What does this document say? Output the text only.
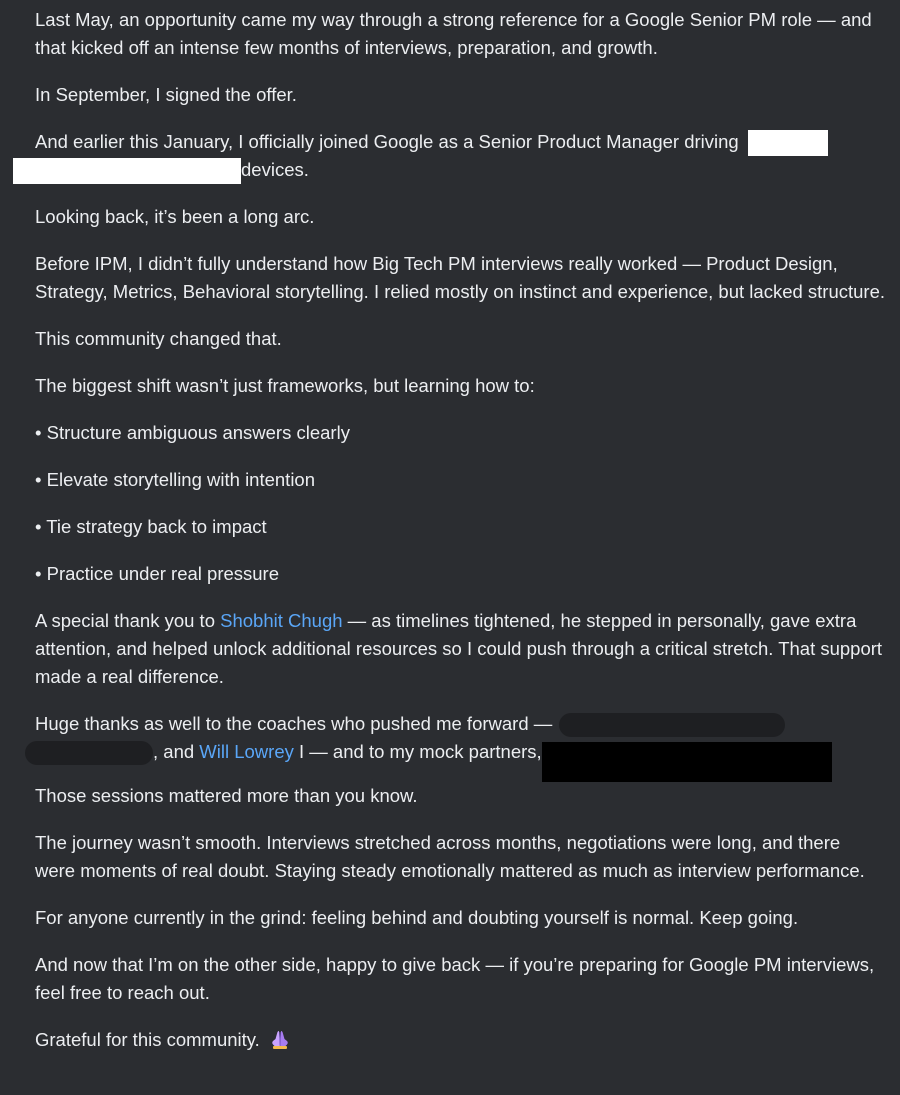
Last May, an opportunity came my way through a strong reference for a Google Senior PM role — and that kicked off an intense few months of interviews, preparation, and growth.

In September, I signed the offer.

And earlier this January, I officially joined Google as a Senior Product Manager driving
devices.

Looking back, it’s been a long arc.

Before IPM, I didn’t fully understand how Big Tech PM interviews really worked — Product Design, Strategy, Metrics, Behavioral storytelling. I relied mostly on instinct and experience, but lacked structure.

This community changed that.

The biggest shift wasn’t just frameworks, but learning how to:

• Structure ambiguous answers clearly

• Elevate storytelling with intention

• Tie strategy back to impact

• Practice under real pressure

A special thank you to Shobhit Chugh — as timelines tightened, he stepped in personally, gave extra attention, and helped unlock additional resources so I could push through a critical stretch. That support made a real difference.

Huge thanks as well to the coaches who pushed me forward —
, and Will Lowrey I — and to my mock partners,
Those sessions mattered more than you know.

The journey wasn’t smooth. Interviews stretched across months, negotiations were long, and there were moments of real doubt. Staying steady emotionally mattered as much as interview performance.

For anyone currently in the grind: feeling behind and doubting yourself is normal. Keep going.

And now that I’m on the other side, happy to give back — if you’re preparing for Google PM interviews, feel free to reach out.

Grateful for this community.
